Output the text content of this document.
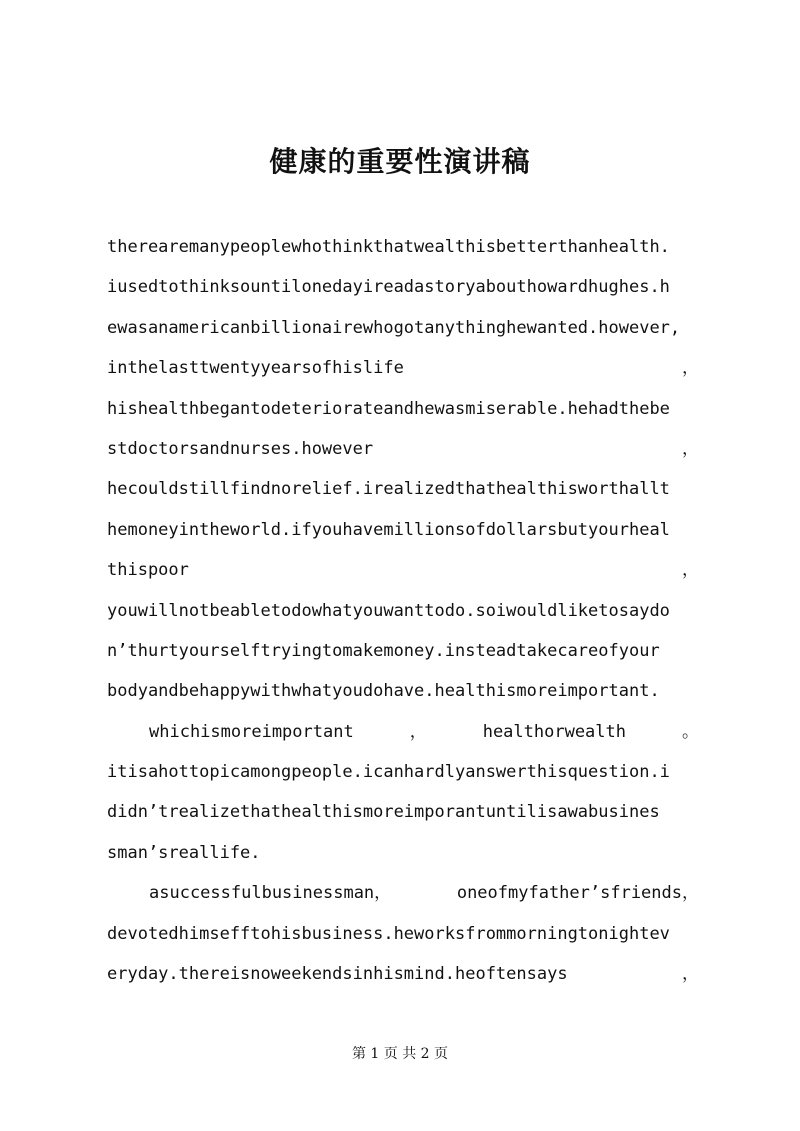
健康的重要性演讲稿
therearemanypeoplewhothinkthatwealthisbetterthanhealth.
iusedtothinksountilonedayireadastoryabouthowardhughes.h
ewasanamericanbillionairewhogotanythinghewanted.however,
inthelasttwentyyearsofhislife	，
hishealthbegantodeteriorateandhewasmiserable.hehadthebe
stdoctorsandnurses.however	，
hecouldstillfindnorelief.irealizedthathealthisworthallt
hemoneyintheworld.ifyouhavemillionsofdollarsbutyourheal
thispoor	，
youwillnotbeabletodowhatyouwanttodo.soiwouldliketosaydo
n’thurtyourselftryingtomakemoney.insteadtakecareofyour
bodyandbehappywithwhatyoudohave.healthismoreimportant.
whichismoreimportant	，	healthorwealth	。
itisahottopicamongpeople.icanhardlyanswerthisquestion.i
didn’trealizethathealthismoreimporantuntilisawabusines
sman’sreallife.
asuccessfulbusinessman，	oneofmyfather’sfriends，
devotedhimsefftohisbusiness.heworksfrommorningtonightev
eryday.thereisnoweekendsinhismind.heoftensays	，
第 1 页 共 2 页
